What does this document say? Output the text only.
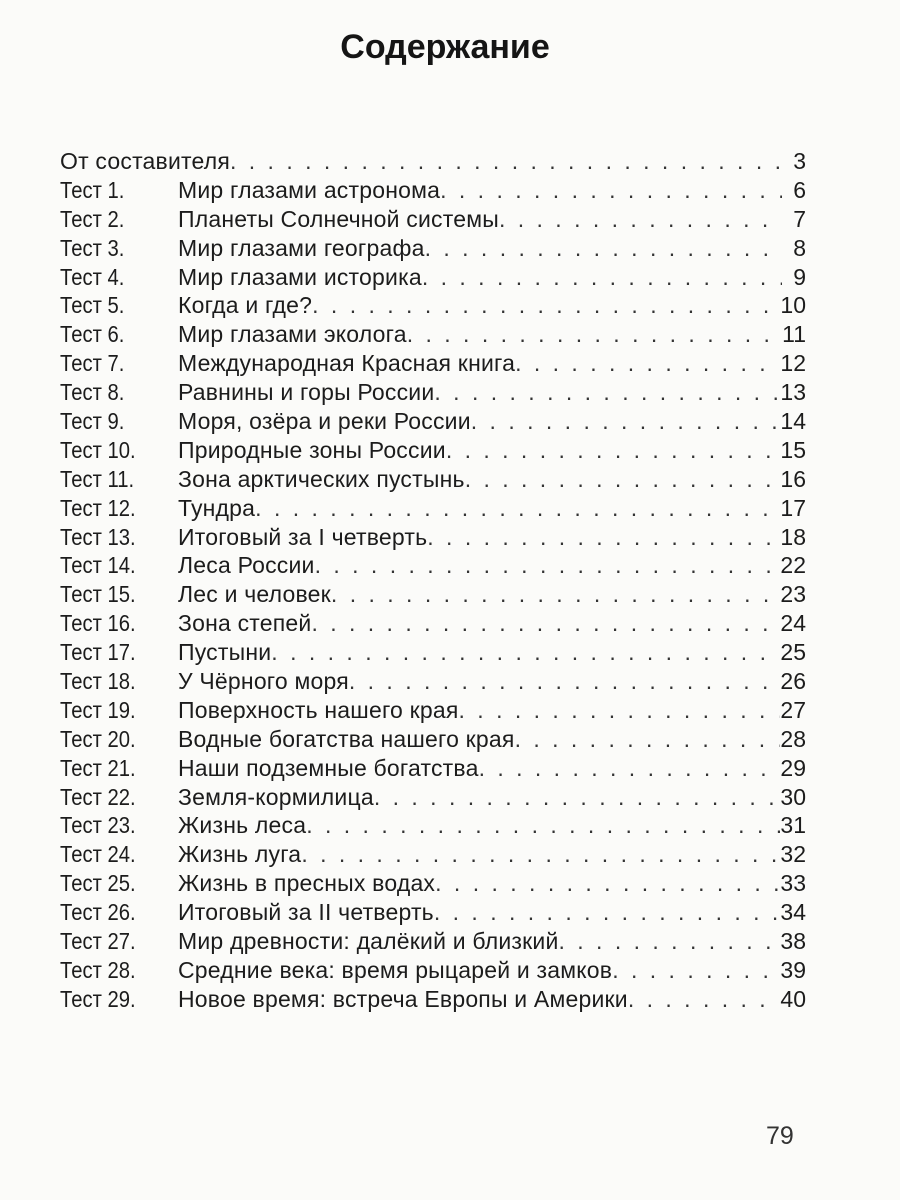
Содержание
От составителя . . .	3
Тест 1.	Мир глазами астронома . . .	6
Тест 2.	Планеты Солнечной системы . . .	7
Тест 3.	Мир глазами географа . . .	8
Тест 4.	Мир глазами историка . . .	9
Тест 5.	Когда и где? . . .	10
Тест 6.	Мир глазами эколога . . .	11
Тест 7.	Международная Красная книга . . .	12
Тест 8.	Равнины и горы России . . .	13
Тест 9.	Моря, озёра и реки России . . .	14
Тест 10.	Природные зоны России . . .	15
Тест 11.	Зона арктических пустынь . . .	16
Тест 12.	Тундра . . .	17
Тест 13.	Итоговый за I четверть . . .	18
Тест 14.	Леса России . . .	22
Тест 15.	Лес и человек . . .	23
Тест 16.	Зона степей . . .	24
Тест 17.	Пустыни . . .	25
Тест 18.	У Чёрного моря . . .	26
Тест 19.	Поверхность нашего края . . .	27
Тест 20.	Водные богатства нашего края . . .	28
Тест 21.	Наши подземные богатства . . .	29
Тест 22.	Земля-кормилица . . .	30
Тест 23.	Жизнь леса . . .	31
Тест 24.	Жизнь луга . . .	32
Тест 25.	Жизнь в пресных водах . . .	33
Тест 26.	Итоговый за II четверть . . .	34
Тест 27.	Мир древности: далёкий и близкий . . .	38
Тест 28.	Средние века: время рыцарей и замков . . .	39
Тест 29.	Новое время: встреча Европы и Америки . . .	40
79
